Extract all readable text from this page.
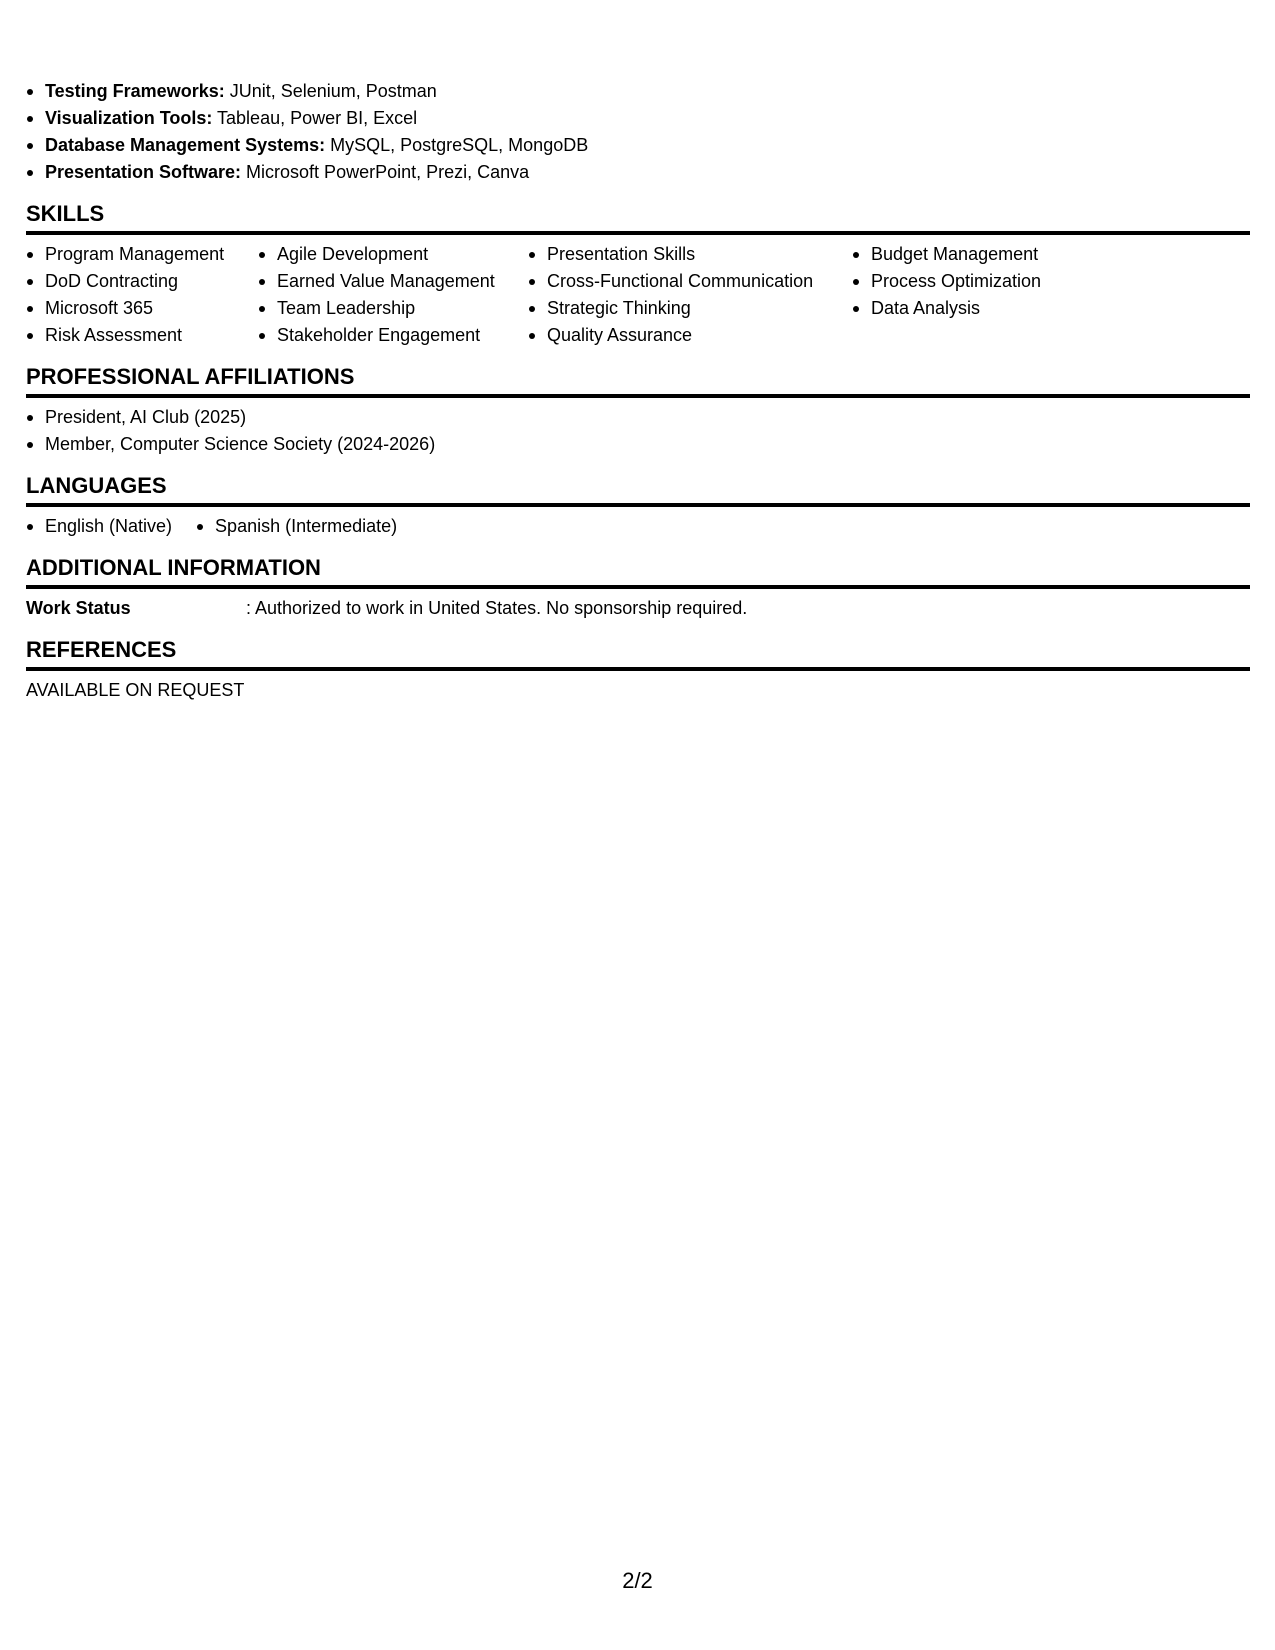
Testing Frameworks: JUnit, Selenium, Postman
Visualization Tools: Tableau, Power BI, Excel
Database Management Systems: MySQL, PostgreSQL, MongoDB
Presentation Software: Microsoft PowerPoint, Prezi, Canva
SKILLS
Program Management
DoD Contracting
Microsoft 365
Risk Assessment
Agile Development
Earned Value Management
Team Leadership
Stakeholder Engagement
Presentation Skills
Cross-Functional Communication
Strategic Thinking
Quality Assurance
Budget Management
Process Optimization
Data Analysis
PROFESSIONAL AFFILIATIONS
President, AI Club (2025)
Member, Computer Science Society (2024-2026)
LANGUAGES
English (Native)	Spanish (Intermediate)
ADDITIONAL INFORMATION
Work Status	: Authorized to work in United States. No sponsorship required.
REFERENCES
AVAILABLE ON REQUEST
2/2
